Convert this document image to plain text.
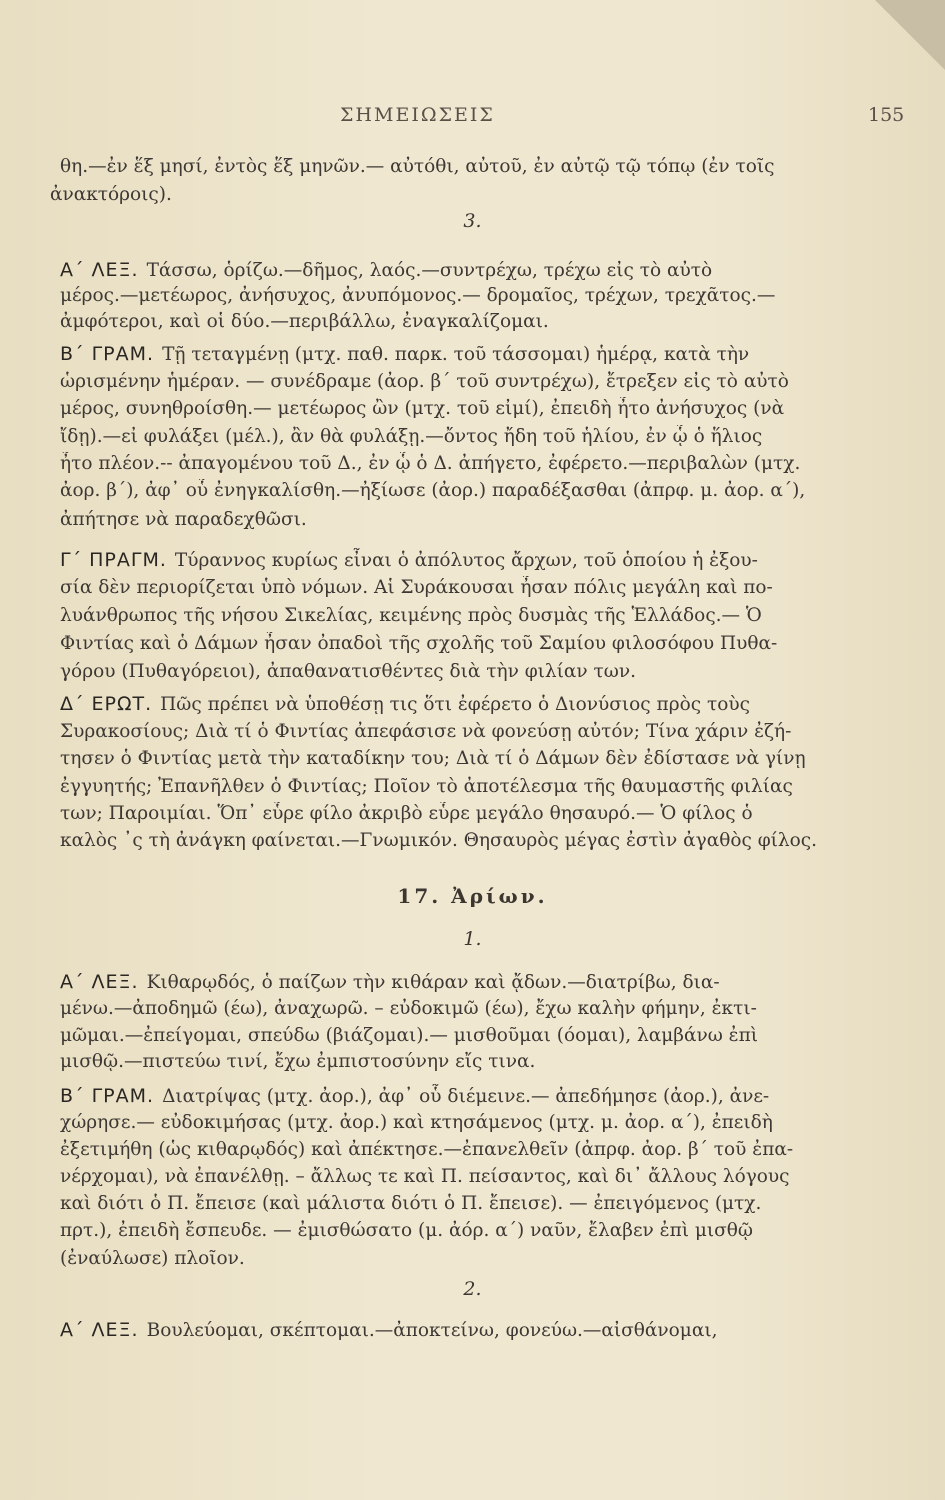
ΣΗΜΕΙΩΣΕΙΣ	155
θη.—ἐν ἕξ μησί, ἐντὸς ἕξ μηνῶν.— αὐτόθι, αὐτοῦ, ἐν αὐτῷ τῷ τόπῳ (ἐν τοῖς
ἀνακτόροις).
3.
Α΄ ΛΕΞ. Τάσσω, ὁρίζω.—δῆμος, λαός.—συντρέχω, τρέχω εἰς τὸ αὐτὸ
μέρος.—μετέωρος, ἀνήσυχος, ἀνυπόμονος.— δρομαῖος, τρέχων, τρεχᾶτος.—
ἀμφότεροι, καὶ οἱ δύο.—περιβάλλω, ἐναγκαλίζομαι.
Β΄ ΓΡΑΜ. Τῇ τεταγμένῃ (μτχ. παθ. παρκ. τοῦ τάσσομαι) ἡμέρᾳ, κατὰ τὴν
ὡρισμένην ἡμέραν. — συνέδραμε (ἀορ. β΄ τοῦ συντρέχω), ἔτρεξεν εἰς τὸ αὐτὸ
μέρος, συνηθροίσθη.— μετέωρος ὢν (μτχ. τοῦ εἰμί), ἐπειδὴ ἦτο ἀνήσυχος (νὰ
ἴδῃ).—εἰ φυλάξει (μέλ.), ἂν θὰ φυλάξῃ.—ὄντος ἤδη τοῦ ἡλίου, ἐν ᾧ ὁ ἥλιος
ἦτο πλέον.-- ἀπαγομένου τοῦ Δ., ἐν ᾧ ὁ Δ. ἀπήγετο, ἐφέρετο.—περιβαλὼν (μτχ.
ἀορ. β΄), ἀφ᾽ οὗ ἐνηγκαλίσθη.—ἠξίωσε (ἀορ.) παραδέξασθαι (ἀπρφ. μ. ἀορ. α΄),
ἀπήτησε νὰ παραδεχθῶσι.
Γ΄ ΠΡΑΓΜ. Τύραννος κυρίως εἶναι ὁ ἀπόλυτος ἄρχων, τοῦ ὁποίου ἡ ἐξου-
σία δὲν περιορίζεται ὑπὸ νόμων. Αἱ Συράκουσαι ἦσαν πόλις μεγάλη καὶ πο-
λυάνθρωπος τῆς νήσου Σικελίας, κειμένης πρὸς δυσμὰς τῆς Ἑλλάδος.— Ὁ
Φιντίας καὶ ὁ Δάμων ἦσαν ὀπαδοὶ τῆς σχολῆς τοῦ Σαμίου φιλοσόφου Πυθα-
γόρου (Πυθαγόρειοι), ἀπαθανατισθέντες διὰ τὴν φιλίαν των.
Δ΄ ΕΡΩΤ. Πῶς πρέπει νὰ ὑποθέσῃ τις ὅτι ἐφέρετο ὁ Διονύσιος πρὸς τοὺς
Συρακοσίους; Διὰ τί ὁ Φιντίας ἀπεφάσισε νὰ φονεύσῃ αὐτόν; Τίνα χάριν ἐζή-
τησεν ὁ Φιντίας μετὰ τὴν καταδίκην του; Διὰ τί ὁ Δάμων δὲν ἐδίστασε νὰ γίνῃ
ἐγγυητής; Ἐπανῆλθεν ὁ Φιντίας; Ποῖον τὸ ἀποτέλεσμα τῆς θαυμαστῆς φιλίας
των; Παροιμίαι. Ὅπ᾽ εὗρε φίλο ἀκριβὸ εὗρε μεγάλο θησαυρό.— Ὁ φίλος ὁ
καλὸς ᾽ς τὴ ἀνάγκη φαίνεται.—Γνωμικόν. Θησαυρὸς μέγας ἐστὶν ἀγαθὸς φίλος.
17. Ἀρίων.
1.
Α΄ ΛΕΞ. Κιθαρῳδός, ὁ παίζων τὴν κιθάραν καὶ ᾄδων.—διατρίβω, δια-
μένω.—ἀποδημῶ (έω), ἀναχωρῶ. – εὐδοκιμῶ (έω), ἔχω καλὴν φήμην, ἐκτι-
μῶμαι.—ἐπείγομαι, σπεύδω (βιάζομαι).— μισθοῦμαι (όομαι), λαμβάνω ἐπὶ
μισθῷ.—πιστεύω τινί, ἔχω ἐμπιστοσύνην εἴς τινα.
Β΄ ΓΡΑΜ. Διατρίψας (μτχ. ἀορ.), ἀφ᾽ οὗ διέμεινε.— ἀπεδήμησε (ἀορ.), ἀνε-
χώρησε.— εὐδοκιμήσας (μτχ. ἀορ.) καὶ κτησάμενος (μτχ. μ. ἀορ. α΄), ἐπειδὴ
ἐξετιμήθη (ὡς κιθαρῳδός) καὶ ἀπέκτησε.—ἐπανελθεῖν (ἀπρφ. ἀορ. β΄ τοῦ ἐπα-
νέρχομαι), νὰ ἐπανέλθῃ. – ἄλλως τε καὶ Π. πείσαντος, καὶ δι᾽ ἄλλους λόγους
καὶ διότι ὁ Π. ἔπεισε (καὶ μάλιστα διότι ὁ Π. ἔπεισε). — ἐπειγόμενος (μτχ.
πρτ.), ἐπειδὴ ἔσπευδε. — ἐμισθώσατο (μ. ἀόρ. α΄) ναῦν, ἔλαβεν ἐπὶ μισθῷ
(ἐναύλωσε) πλοῖον.
2.
Α΄ ΛΕΞ. Βουλεύομαι, σκέπτομαι.—ἀποκτείνω, φονεύω.—αἰσθάνομαι,
